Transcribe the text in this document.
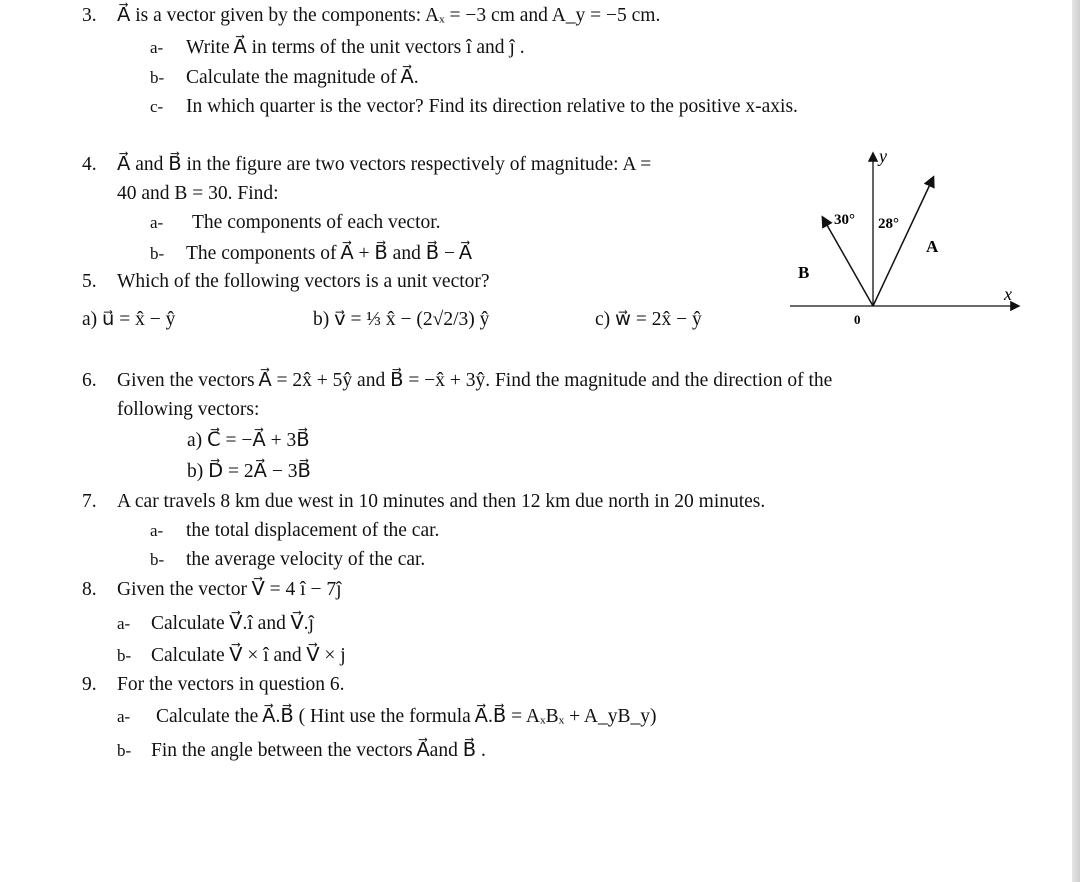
3. A⃗ is a vector given by the components: Aₓ = −3 cm and A_y = −5 cm.
a- Write A⃗ in terms of the unit vectors î and ĵ .
b- Calculate the magnitude of A⃗.
c- In which quarter is the vector? Find its direction relative to the positive x-axis.
4. A⃗ and B⃗ in the figure are two vectors respectively of magnitude: A =
40 and B = 30. Find:
a- The components of each vector.
b- The components of A⃗ + B⃗ and B⃗ − A⃗
5. Which of the following vectors is a unit vector?
a) u⃗ = x̂ − ŷ	b) v⃗ = ⅓ x̂ − (2√2/3) ŷ	c) w⃗ = 2x̂ − ŷ
y
x
0
30° 28°
A⃗
B⃗
6. Given the vectors A⃗ = 2x̂ + 5ŷ and B⃗ = −x̂ + 3ŷ. Find the magnitude and the direction of the
following vectors:
a) C⃗ = −A⃗ + 3B⃗
b) D⃗ = 2A⃗ − 3B⃗
7. A car travels 8 km due west in 10 minutes and then 12 km due north in 20 minutes.
a- the total displacement of the car.
b- the average velocity of the car.
8. Given the vector V⃗ = 4 î − 7ĵ
a- Calculate V⃗.î and V⃗.ĵ
b- Calculate V⃗ × î and V⃗ × j
9. For the vectors in question 6.
a- Calculate the A⃗.B⃗ ( Hint use the formula A⃗.B⃗ = AₓBₓ + A_yB_y)
b- Fin the angle between the vectors A⃗and B⃗ .
